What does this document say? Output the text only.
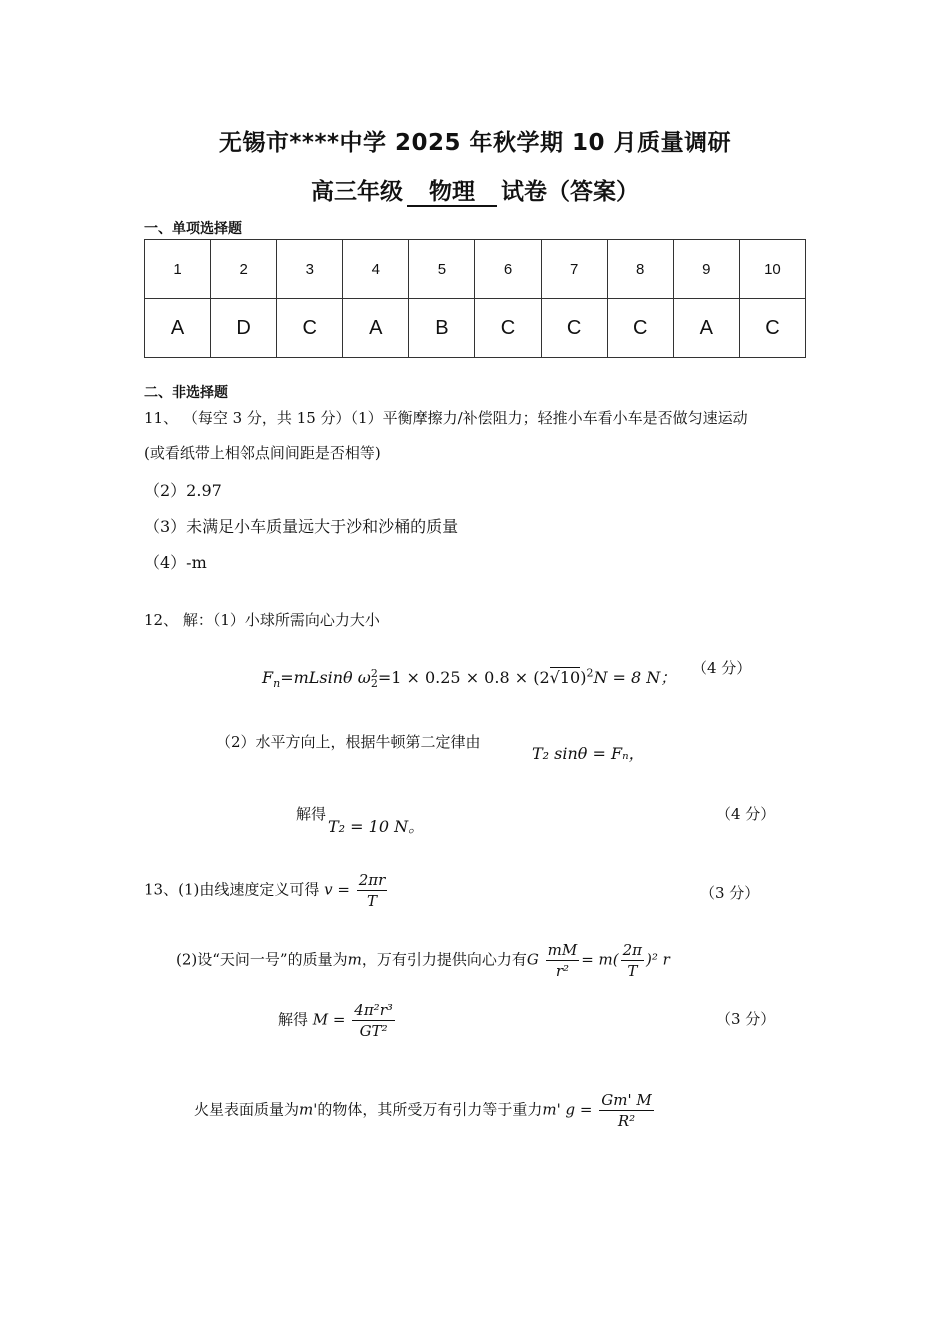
无锡市****中学 2025 年秋学期 10 月质量调研
高三年级 物理 试卷（答案）
一、单项选择题
1	2	3	4	5	6	7	8	9	10
A	D	C	A	B	C	C	C	A	C
二、非选择题
11、 （每空 3 分，共 15 分）（1）平衡摩擦力/补偿阻力；轻推小车看小车是否做匀速运动
(或看纸带上相邻点间间距是否相等)
（2）2.97
（3）未满足小车质量远大于沙和沙桶的质量
（4）-m
12、 解：（1）小球所需向心力大小
$F_n=mLsin\theta$ ω 2
$2 =1 \times 0.25 \times 0.8 \times (2√10)^2N = 8$ N； （4 分）
（2）水平方向上，根据牛顿第二定律由
T₂ sinθ = Fₙ，
解得
T₂ = 10 N。
（4 分）
13、(1)由线速度定义可得 $v = \frac{2\pi r}{T}$	（3 分）
(2)设“天问一号”的质量为m，万有引力提供向心力有G $\frac{mM}{\text{r²}} = m( \frac{2\pi}{T} )^2$ r
解得 $M = \frac{\text{4π²r³}}{\text{GT²}}$	（3 分）
火星表面质量为m'的物体，其所受万有引力等于重力m' $g = \frac{Gm' M}{\text{R²}}$
